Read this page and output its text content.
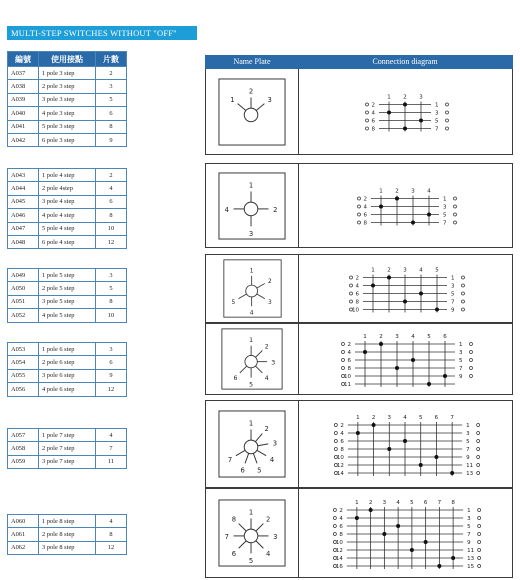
MULTI-STEP SWITCHES WITHOUT "OFF"
編號	使用接點	片數
A037	1 pole 3 step	2
A038	2 pole 3 step	3
A039	3 pole 3 step	5
A040	4 pole 3 step	6
A041	5 pole 3 step	8
A042	6 pole 3 step	9
A043	1 pole 4 step	2
A044	2 pole 4step	4
A045	3 pole 4 step	6
A046	4 pole 4 step	8
A047	5 pole 4 step	10
A048	6 pole 4 step	12
A049	1 pole 5 step	3
A050	2 pole 5 step	5
A051	3 pole 5 step	8
A052	4 pole 5 step	10
A053	1 pole 6 step	3
A054	2 pole 6 step	6
A055	3 pole 6 step	9
A056	4 pole 6 step	12
A057	1 pole 7 step	4
A058	2 pole 7 step	7
A059	3 pole 7 step	11
A060	1 pole 8 step	4
A061	2 pole 8 step	8
A062	3 pole 8 step	12
Name Plate	Connection diagram
1
2
3	1 2 3
2	1
4	3
6	5
8	7
1
2
3
4
1 2 3 4
2	1
4	3
6	5
8	7
1
2
3
4
5
1 2 3 4 5
2	1
4	3
6	5
8	7
10	9
1
2
3
4
5
6
1 2 3 4 5 6
2	1
4	3
6	5
8	7
10	9
11
1
2
3
4
5
6
7
1 2 3 4 5 6 7
2	1
4	3
6	5
8	7
10	9
12	11
14	13
1
2
3
4
5
6
7
8
1 2 3 4 5 6 7 8
2	1
4	3
6	5
8	7
10	9
12	11
14	13
16	15
